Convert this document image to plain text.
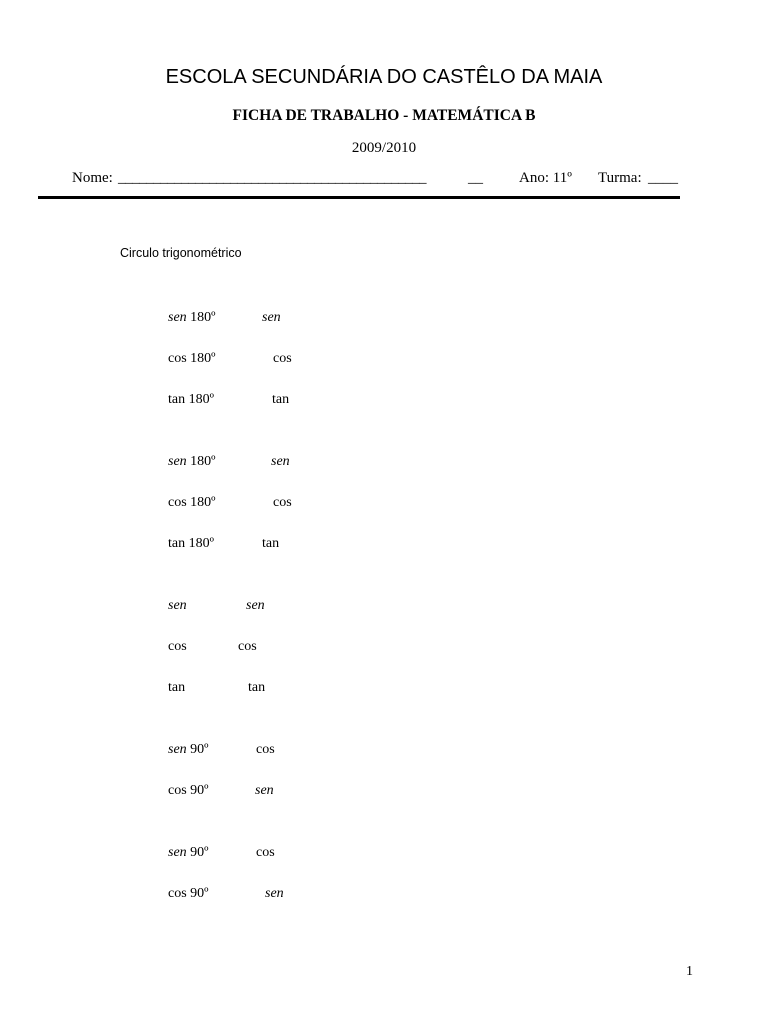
ESCOLA SECUNDÁRIA DO CASTÊLO DA MAIA
FICHA DE TRABALHO - MATEMÁTICA B
2009/2010
Nome: ____________________________________________	__ Ano: 11º Turma: ____
Circulo trigonométrico
sen 180º	sen
cos 180º	cos
tan 180º	tan
sen 180º	sen
cos 180º	cos
tan 180º	tan
sen	sen
cos	cos
tan	tan
sen 90º	cos
cos 90º	sen
sen 90º	cos
cos 90º	sen
1
